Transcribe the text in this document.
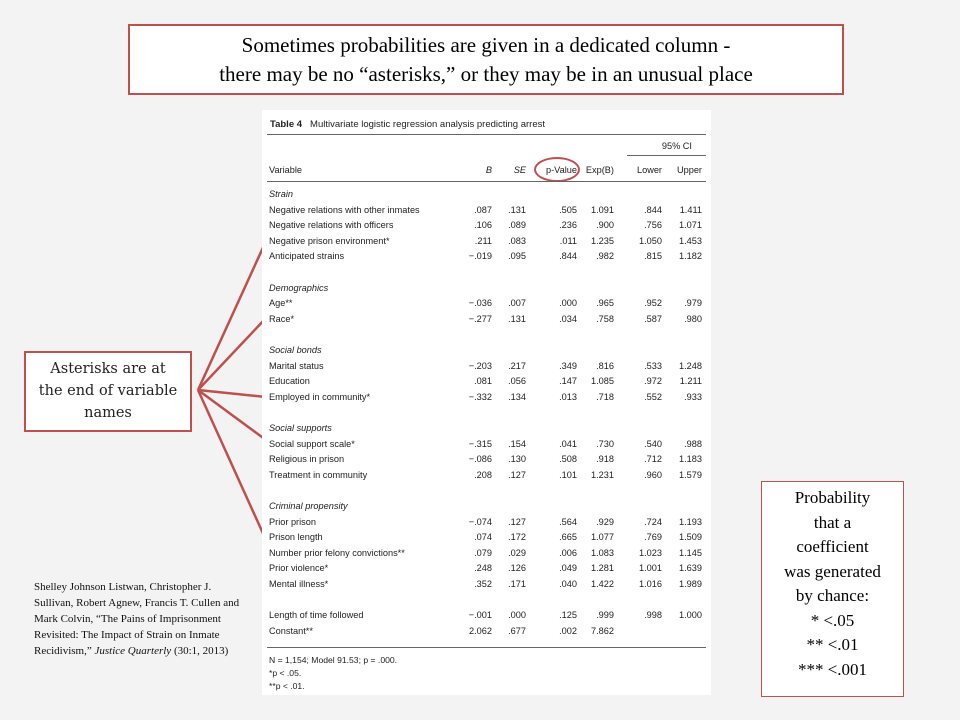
Sometimes probabilities are given in a dedicated column -
there may be no “asterisks,” or they may be in an unusual place
Asterisks are at
the end of variable
names
Probability
that a
coefficient
was generated
by chance:
* <.05
** <.01
*** <.001
Shelley Johnson Listwan, Christopher J. Sullivan, Robert Agnew, Francis T. Cullen and Mark Colvin, “The Pains of Imprisonment Revisited: The Impact of Strain on Inmate Recidivism,” Justice Quarterly (30:1, 2013)
Table 4 Multivariate logistic regression analysis predicting arrest
95% CI
Variable	B SE p-Value Exp(B) Lower Upper
Strain
Negative relations with other inmates	.087 .131	.505 1.091	.844 1.411
Negative relations with officers	.106 .089	.236 .900	.756 1.071
Negative prison environment*	.211 .083	.011 1.235	1.050 1.453
Anticipated strains	−.019 .095	.844 .982	.815 1.182
Demographics
Age**	−.036 .007	.000 .965	.952 .979
Race*	−.277 .131	.034 .758	.587 .980
Social bonds
Marital status	−.203 .217	.349 .816	.533 1.248
Education	.081 .056	.147 1.085	.972 1.211
Employed in community*	−.332 .134	.013 .718	.552 .933
Social supports
Social support scale*	−.315 .154	.041 .730	.540 .988
Religious in prison	−.086 .130	.508 .918	.712 1.183
Treatment in community	.208 .127	.101 1.231	.960 1.579
Criminal propensity
Prior prison	−.074 .127	.564 .929	.724 1.193
Prison length	.074 .172	.665 1.077	.769 1.509
Number prior felony convictions**	.079 .029	.006 1.083	1.023 1.145
Prior violence*	.248 .126	.049 1.281	1.001 1.639
Mental illness*	.352 .171	.040 1.422	1.016 1.989
Length of time followed	−.001 .000	.125 .999	.998 1.000
Constant**	2.062 .677	.002 7.862
N = 1,154; Model 91.53; p = .000.
*p < .05.
**p < .01.
